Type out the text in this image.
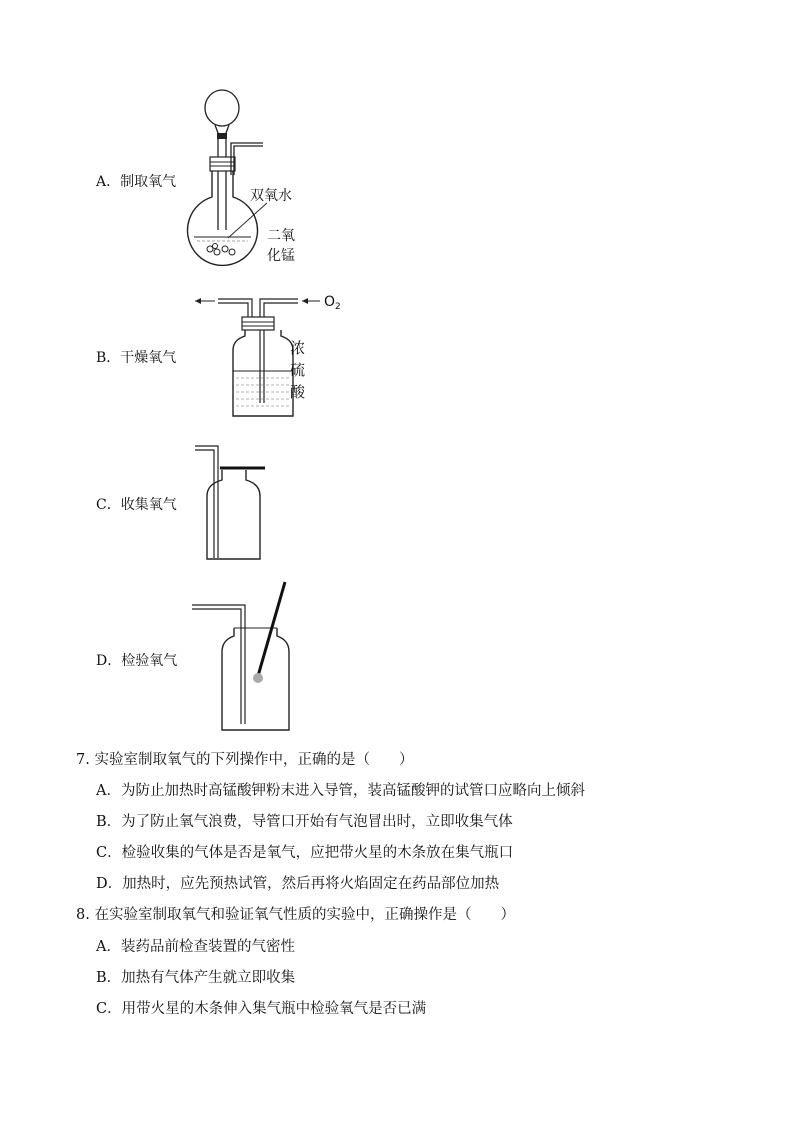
A．制取氧气
双氧水
二氧
化锰
B．干燥氧气
$O_2$
浓
硫
酸
C．收集氧气
D．检验氧气
7. 实验室制取氧气的下列操作中，正确的是（　　）
A．为防止加热时高锰酸钾粉末进入导管，装高锰酸钾的试管口应略向上倾斜
B．为了防止氧气浪费，导管口开始有气泡冒出时，立即收集气体
C．检验收集的气体是否是氧气，应把带火星的木条放在集气瓶口
D．加热时，应先预热试管，然后再将火焰固定在药品部位加热
8. 在实验室制取氧气和验证氧气性质的实验中，正确操作是（　　）
A．装药品前检查装置的气密性
B．加热有气体产生就立即收集
C．用带火星的木条伸入集气瓶中检验氧气是否已满
